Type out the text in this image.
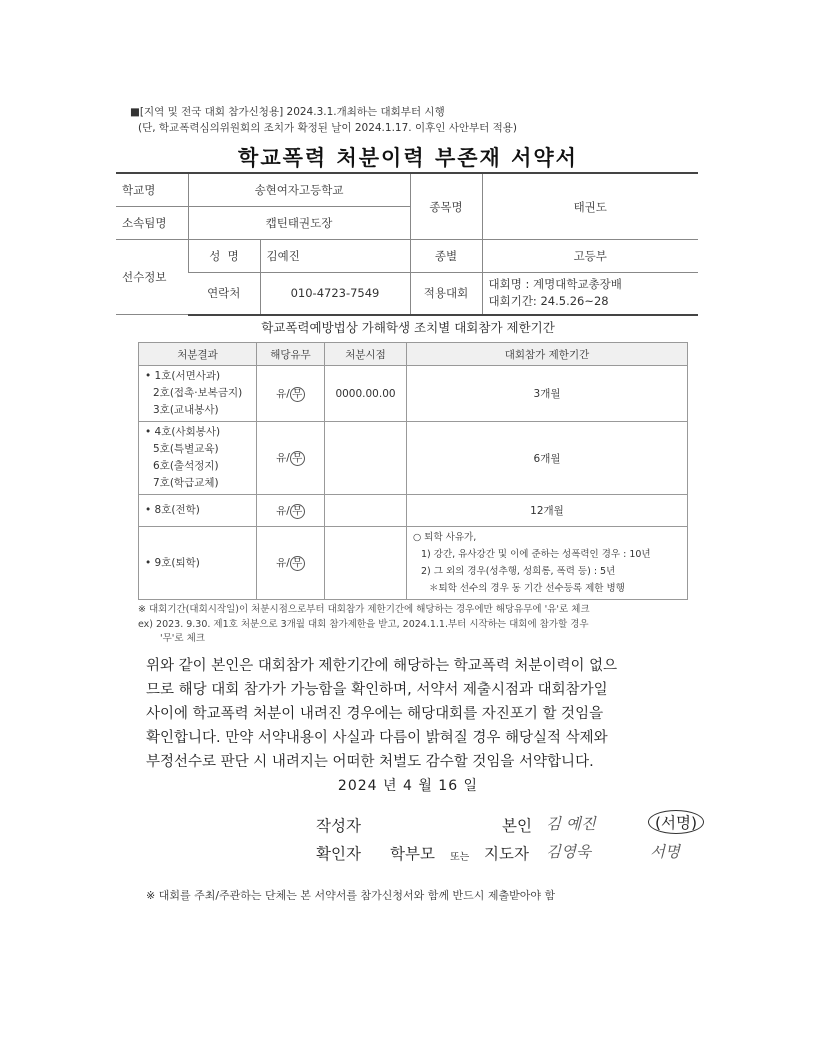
■[지역 및 전국 대회 참가신청용] 2024.3.1.개최하는 대회부터 시행
(단, 학교폭력심의위원회의 조치가 확정된 날이 2024.1.17. 이후인 사안부터 적용)
학교폭력 처분이력 부존재 서약서
학교명	송현여자고등학교		종목명	태권도
소속팀명	캡틴태권도장			
선수정보	성  명	김예진	종별	고등부
	연락처	010-4723-7549	적용대회	대회명 : 계명대학교총장배
대회기간: 24.5.26~28
학교폭력예방법상 가해학생 조치별 대회참가 제한기간
처분결과	해당유무	처분시점	대회참가 제한기간

• 1호(서면사과)
2호(접촉·보복금지)
3호(교내봉사)	유/ 무	0000.00.00	3개월

• 4호(사회봉사)
5호(특별교육)
6호(출석정지)
7호(학급교체)	유/ 무		6개월

• 8호(전학)	유/ 무		12개월

• 9호(퇴학)	유/ 무		○ 퇴학 사유가,
1) 강간, 유사강간 및 이에 준하는 성폭력인 경우 : 10년
2) 그 외의 경우(성추행, 성희롱, 폭력 등) : 5년
＊퇴학 선수의 경우 동 기간 선수등록 제한 병행
※ 대회기간(대회시작일)이 처분시점으로부터 대회참가 제한기간에 해당하는 경우에만 해당유무에 '유'로 체크
ex) 2023. 9.30. 제1호 처분으로 3개월 대회 참가제한을 받고, 2024.1.1.부터 시작하는 대회에 참가할 경우
'무'로 체크
위와 같이 본인은 대회참가 제한기간에 해당하는 학교폭력 처분이력이 없으
므로 해당 대회 참가가 가능함을 확인하며, 서약서 제출시점과 대회참가일
사이에 학교폭력 처분이 내려진 경우에는 해당대회를 자진포기 할 것임을
확인합니다. 만약 서약내용이 사실과 다름이 밝혀질 경우 해당실적 삭제와
부정선수로 판단 시 내려지는 어떠한 처벌도 감수할 것임을 서약합니다.
2024 년 4 월 16 일
작성자	본인 김 예진	(서명)
확인자 학부모 또는 지도자 김영욱	서명
※ 대회를 주최/주관하는 단체는 본 서약서를 참가신청서와 함께 반드시 제출받아야 함
